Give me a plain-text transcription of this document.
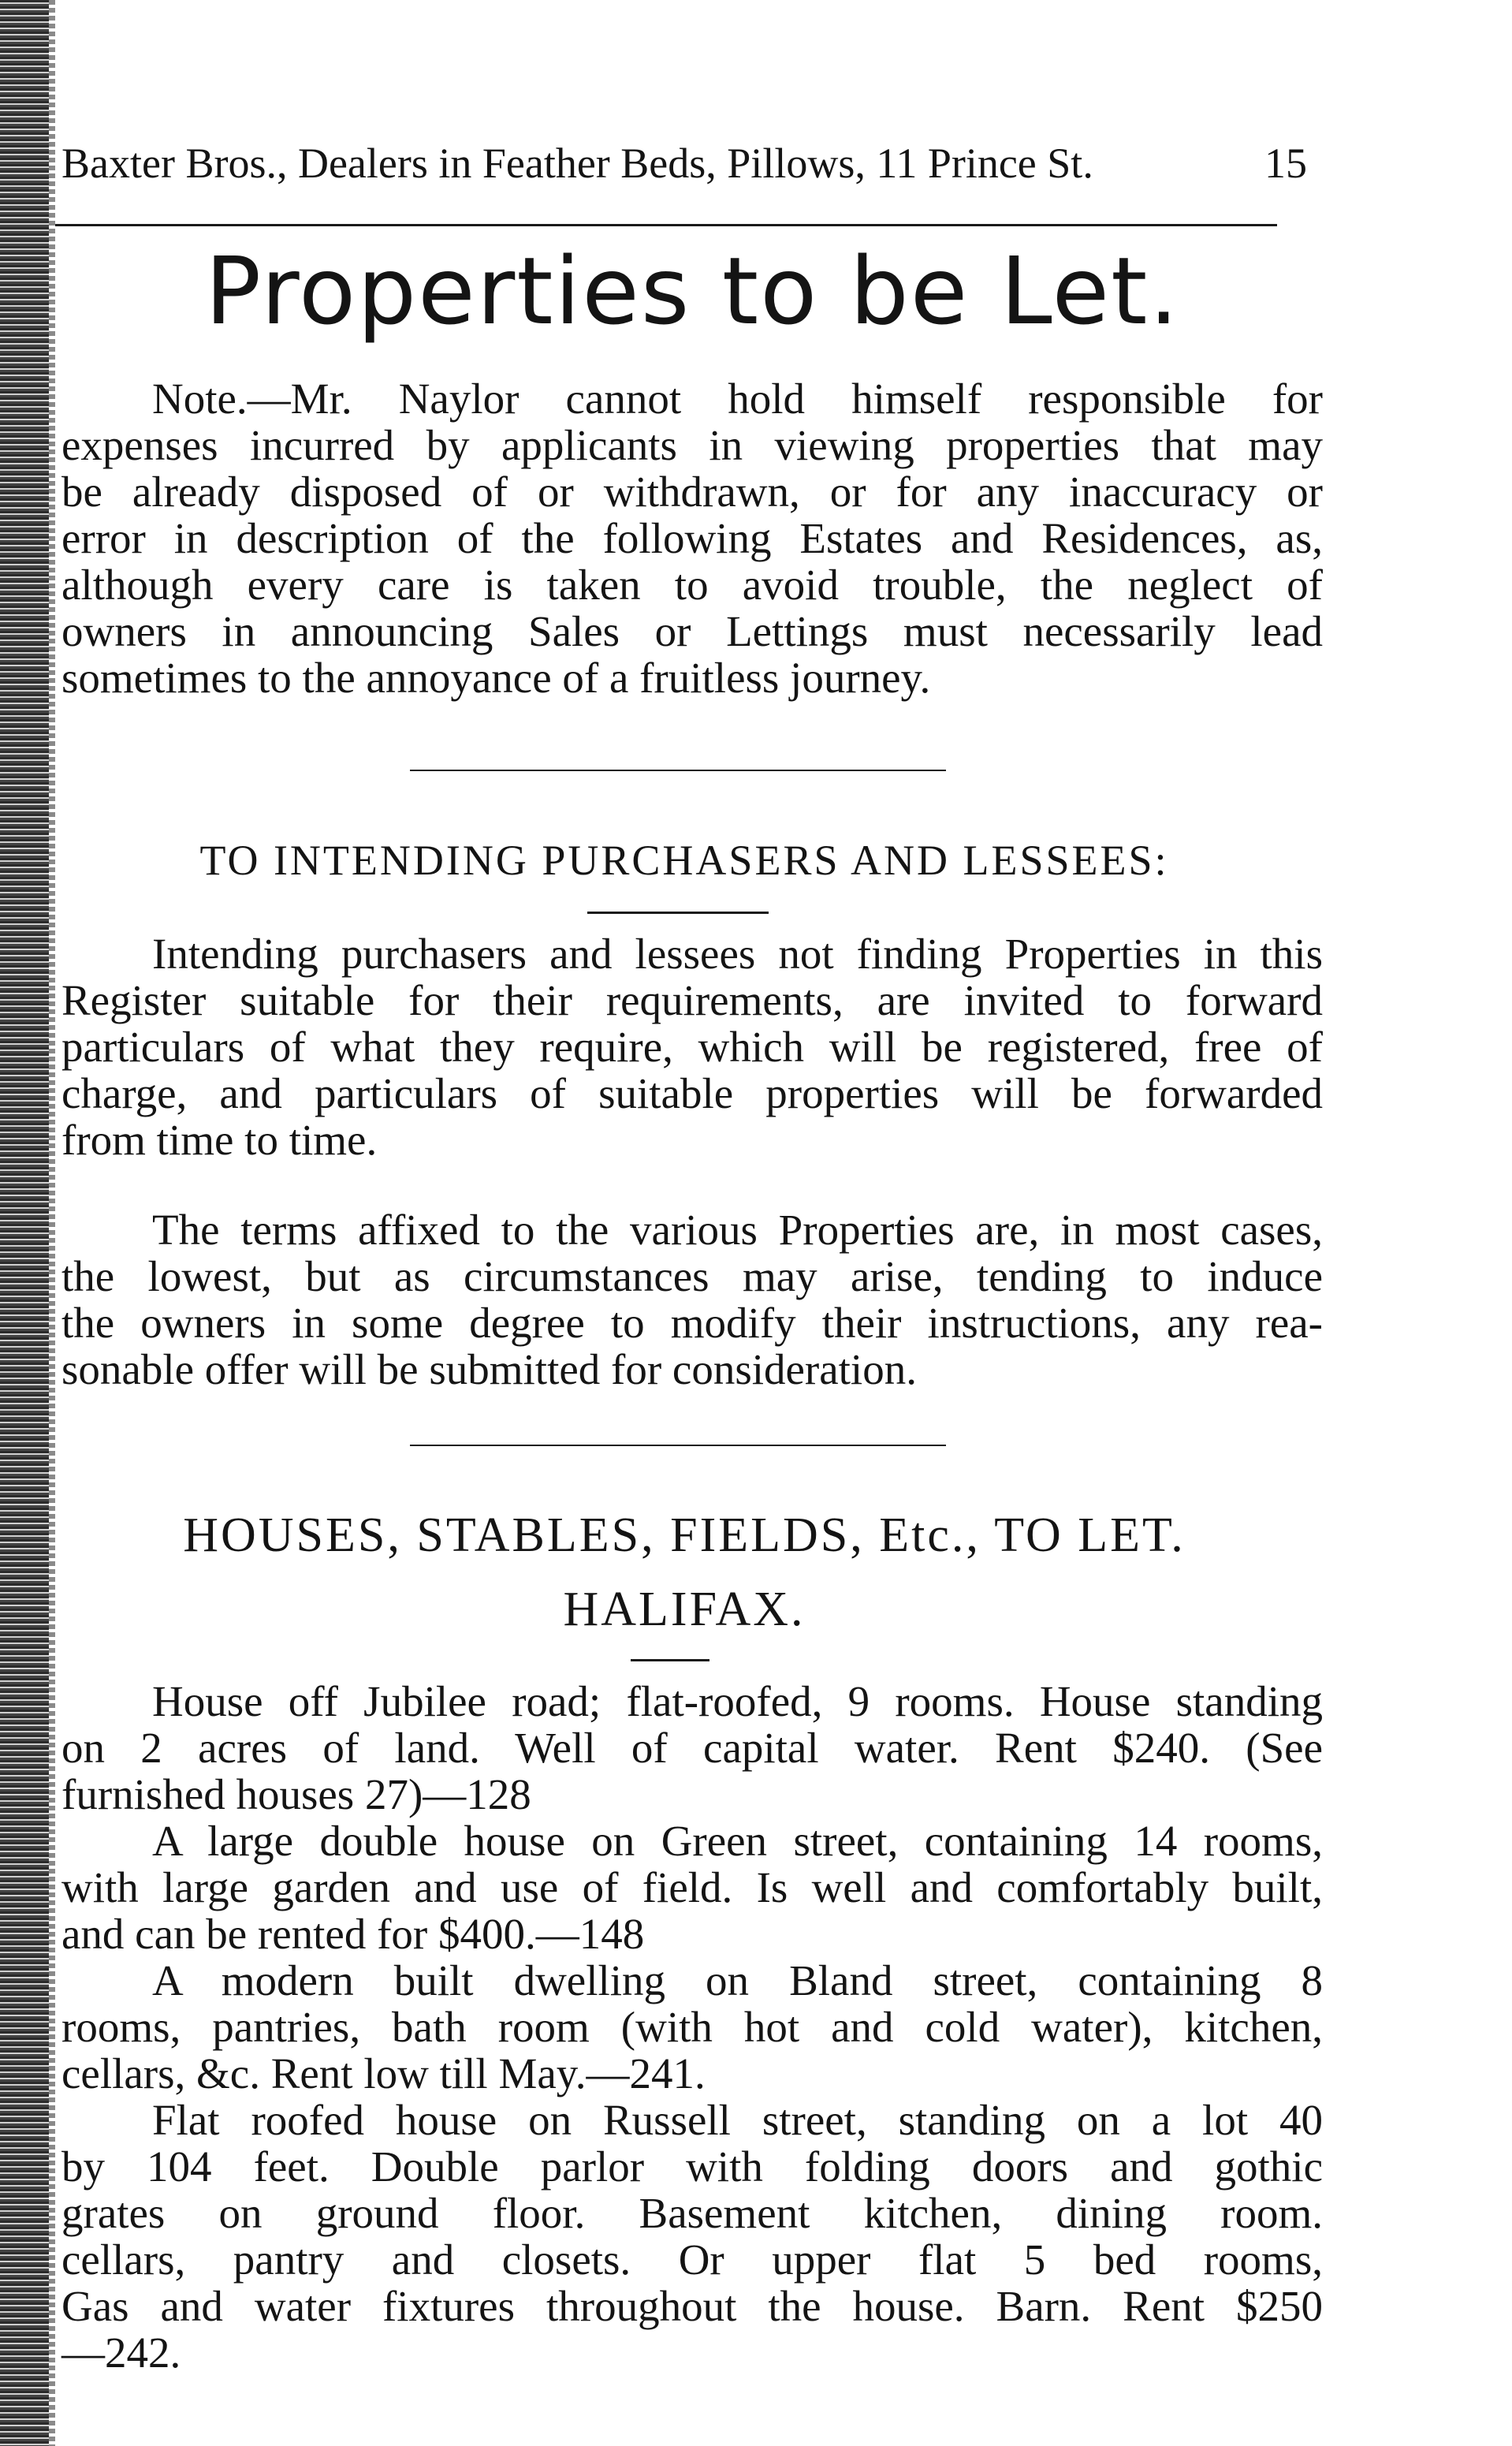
Baxter Bros., Dealers in Feather Beds, Pillows, 11 Prince St.	15
Properties to be Let.

Note.—Mr. Naylor cannot hold himself responsible for
expenses incurred by applicants in viewing properties that may
be already disposed of or withdrawn, or for any inaccuracy or
error in description of the following Estates and Residences, as,
although every care is taken to avoid trouble, the neglect of
owners in announcing Sales or Lettings must necessarily lead
sometimes to the annoyance of a fruitless journey.

TO INTENDING PURCHASERS AND LESSEES:

Intending purchasers and lessees not finding Properties in this
Register suitable for their requirements, are invited to forward
particulars of what they require, which will be registered, free of
charge, and particulars of suitable properties will be forwarded
from time to time.

The terms affixed to the various Properties are, in most cases,
the lowest, but as circumstances may arise, tending to induce
the owners in some degree to modify their instructions, any rea-
sonable offer will be submitted for consideration.

HOUSES, STABLES, FIELDS, Etc., TO LET.
HALIFAX.

House off Jubilee road; flat-roofed, 9 rooms. House standing
on 2 acres of land. Well of capital water. Rent $240. (See
furnished houses 27)—128

A large double house on Green street, containing 14 rooms,
with large garden and use of field. Is well and comfortably built,
and can be rented for $400.—148

A modern built dwelling on Bland street, containing 8
rooms, pantries, bath room (with hot and cold water), kitchen,
cellars, &c. Rent low till May.—241.

Flat roofed house on Russell street, standing on a lot 40
by 104 feet. Double parlor with folding doors and gothic
grates on ground floor. Basement kitchen, dining room.
cellars, pantry and closets. Or upper flat 5 bed rooms,
Gas and water fixtures throughout the house. Barn. Rent $250
—242.
